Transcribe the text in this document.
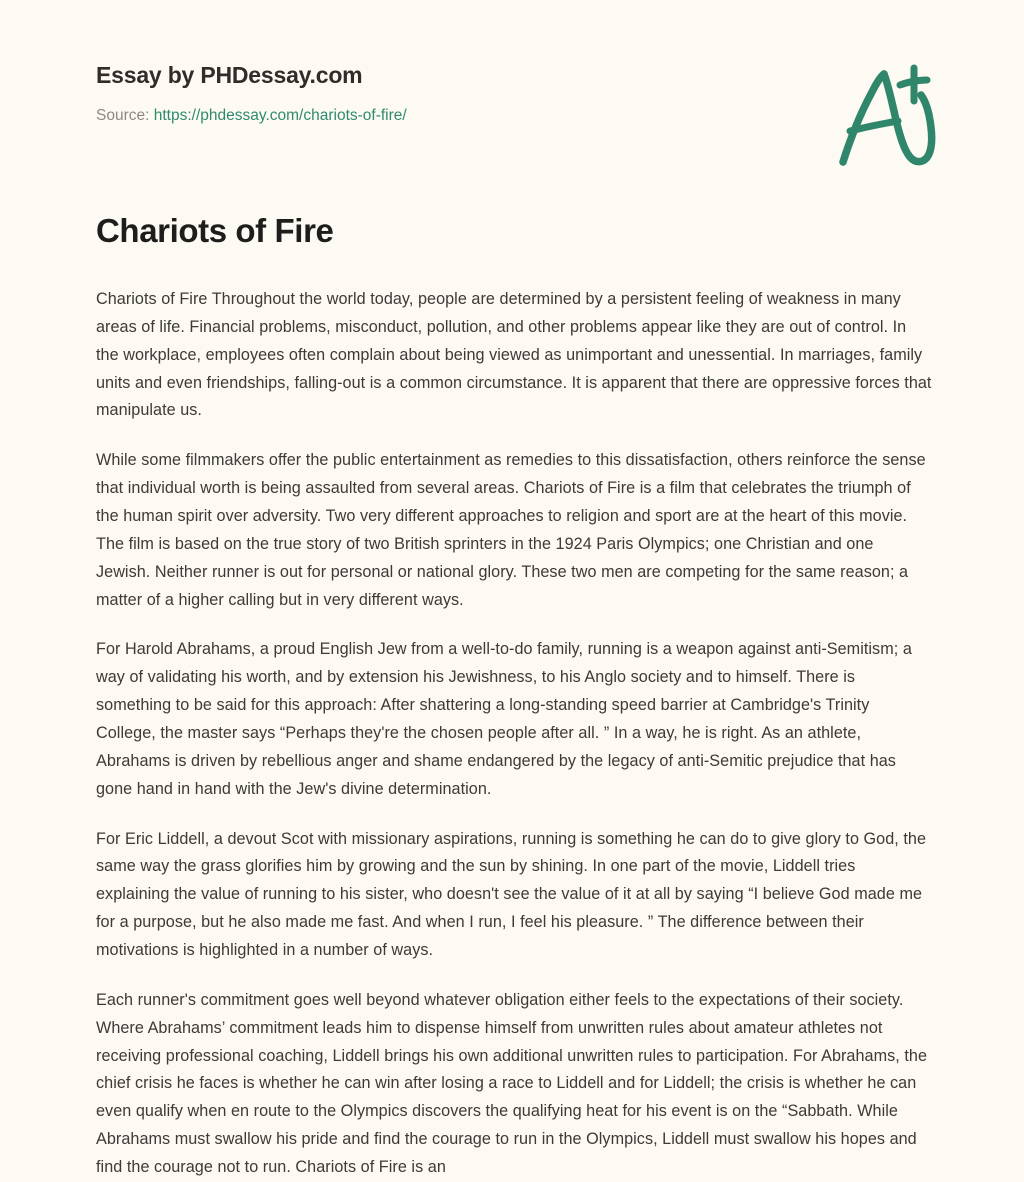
Essay by PHDessay.com
Source: https://phdessay.com/chariots-of-fire/
Chariots of Fire

Chariots of Fire Throughout the world today, people are determined by a persistent feeling of weakness in many areas of life. Financial problems, misconduct, pollution, and other problems appear like they are out of control. In the workplace, employees often complain about being viewed as unimportant and unessential. In marriages, family units and even friendships, falling-out is a common circumstance. It is apparent that there are oppressive forces that manipulate us.

While some filmmakers offer the public entertainment as remedies to this dissatisfaction, others reinforce the sense that individual worth is being assaulted from several areas. Chariots of Fire is a film that celebrates the triumph of the human spirit over adversity. Two very different approaches to religion and sport are at the heart of this movie. The film is based on the true story of two British sprinters in the 1924 Paris Olympics; one Christian and one Jewish. Neither runner is out for personal or national glory. These two men are competing for the same reason; a matter of a higher calling but in very different ways.

For Harold Abrahams, a proud English Jew from a well-to-do family, running is a weapon against anti-Semitism; a way of validating his worth, and by extension his Jewishness, to his Anglo society and to himself. There is something to be said for this approach: After shattering a long-standing speed barrier at Cambridge's Trinity College, the master says “Perhaps they're the chosen people after all. ” In a way, he is right. As an athlete, Abrahams is driven by rebellious anger and shame endangered by the legacy of anti-Semitic prejudice that has gone hand in hand with the Jew's divine determination.

For Eric Liddell, a devout Scot with missionary aspirations, running is something he can do to give glory to God, the same way the grass glorifies him by growing and the sun by shining. In one part of the movie, Liddell tries explaining the value of running to his sister, who doesn't see the value of it at all by saying “I believe God made me for a purpose, but he also made me fast. And when I run, I feel his pleasure. ” The difference between their motivations is highlighted in a number of ways.

Each runner's commitment goes well beyond whatever obligation either feels to the expectations of their society. Where Abrahams’ commitment leads him to dispense himself from unwritten rules about amateur athletes not receiving professional coaching, Liddell brings his own additional unwritten rules to participation. For Abrahams, the chief crisis he faces is whether he can win after losing a race to Liddell and for Liddell; the crisis is whether he can even qualify when en route to the Olympics discovers the qualifying heat for his event is on the “Sabbath. While Abrahams must swallow his pride and find the courage to run in the Olympics, Liddell must swallow his hopes and find the courage not to run. Chariots of Fire is an
